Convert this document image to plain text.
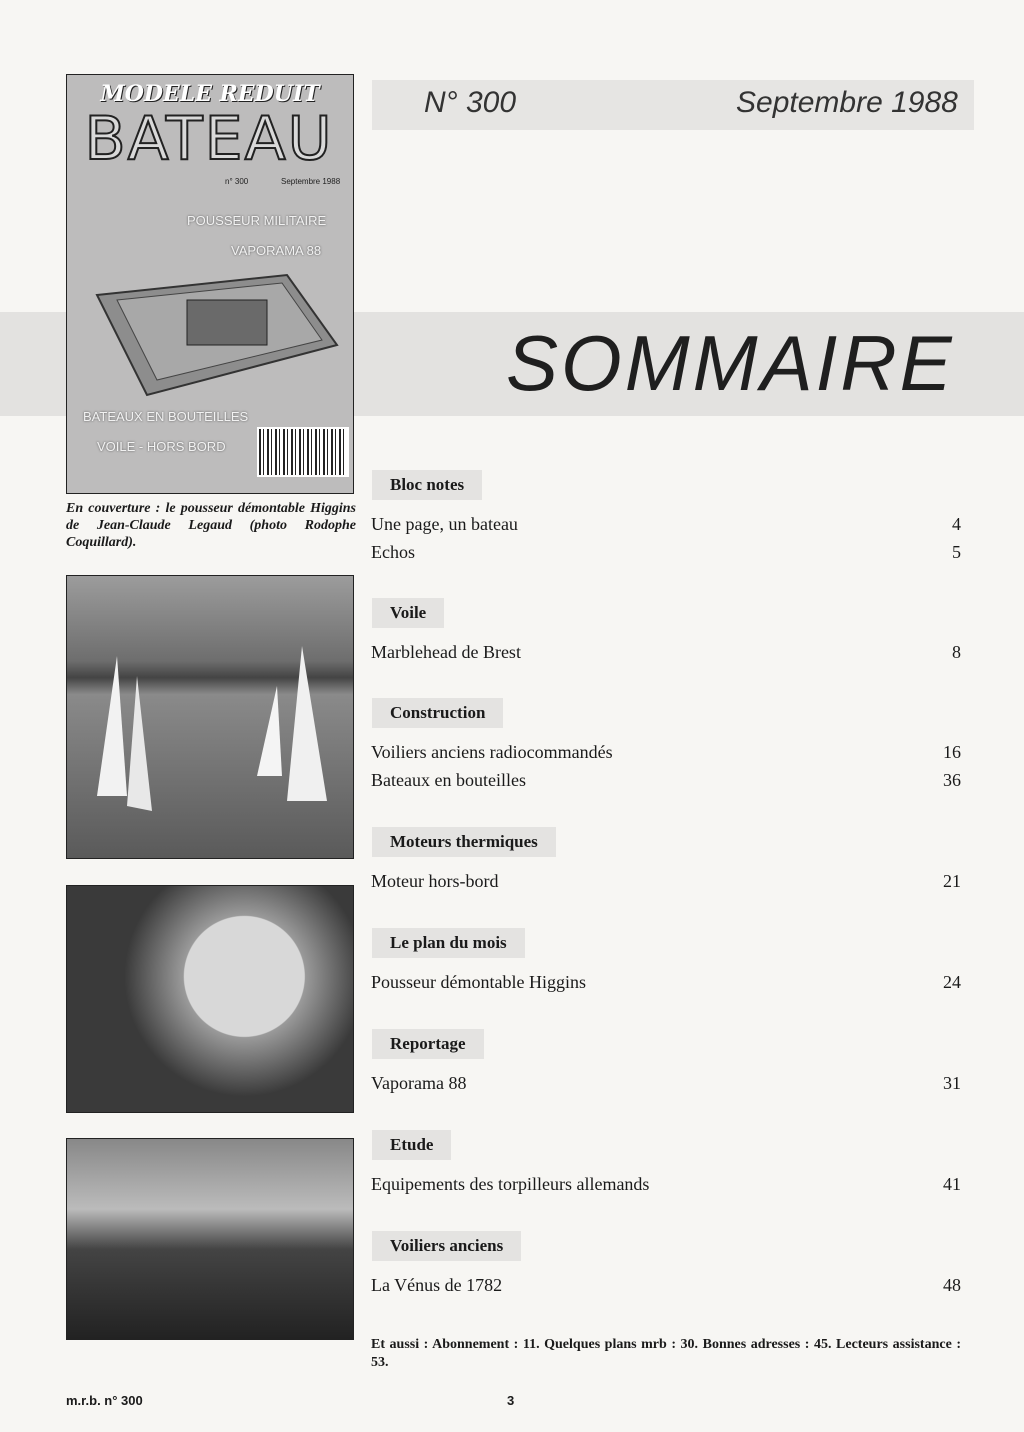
N° 300	Septembre 1988
SOMMAIRE
MODELE REDUIT
BATEAU
n° 300	Septembre 1988
POUSSEUR MILITAIRE
VAPORAMA 88
BATEAUX EN BOUTEILLES
VOILE - HORS BORD
En couverture : le pousseur démontable Higgins de Jean-Claude Legaud (photo Rodophe Coquillard).
Bloc notes
Une page, un bateau	4
Echos	5
Voile
Marblehead de Brest	8
Construction
Voiliers anciens radiocommandés	16
Bateaux en bouteilles	36
Moteurs thermiques
Moteur hors-bord	21
Le plan du mois
Pousseur démontable Higgins	24
Reportage
Vaporama 88	31
Etude
Equipements des torpilleurs allemands	41
Voiliers anciens
La Vénus de 1782	48
Et aussi : Abonnement : 11. Quelques plans mrb : 30. Bonnes adresses : 45. Lecteurs assistance : 53.
m.r.b. n° 300	3
